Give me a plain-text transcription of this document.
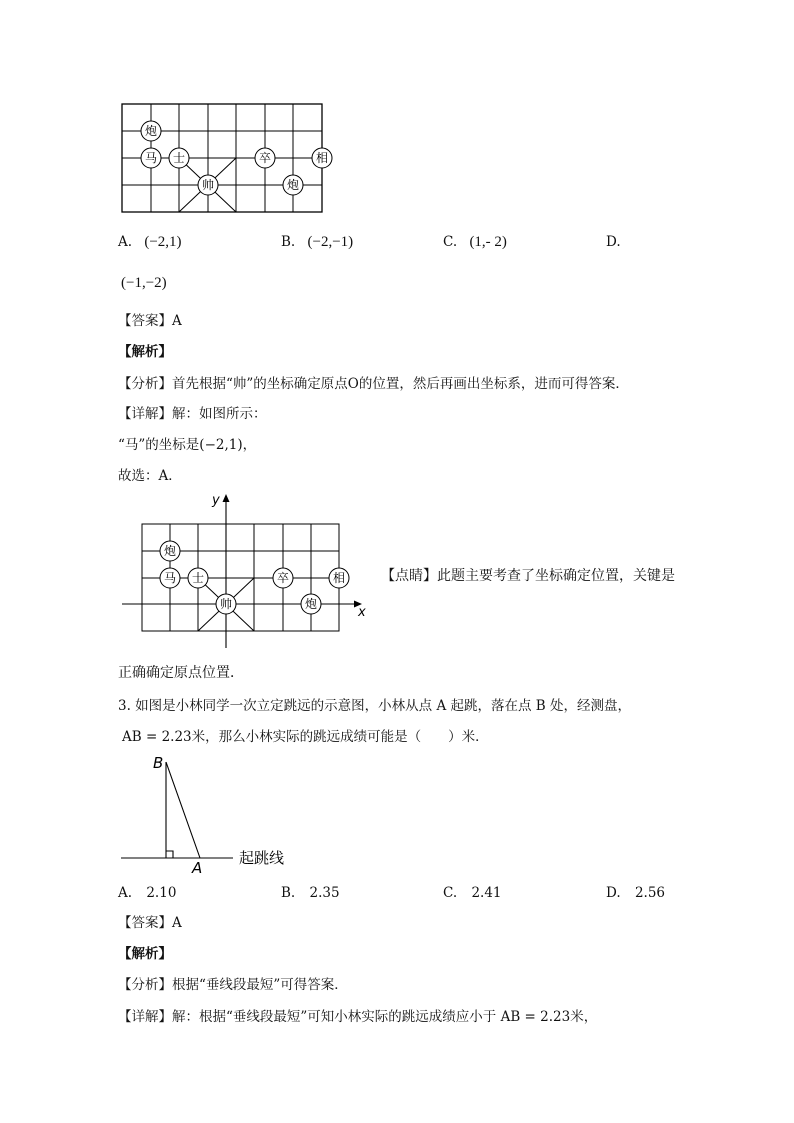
炮
马 士	卒	相
炮
帅
A. (−2,1)	B. (−2,−1)	C. (1,- 2)	D.
(−1,−2)
【答案】A
【解析】
【分析】首先根据“帅”的坐标确定原点O的位置，然后再画出坐标系，进而可得答案．
【详解】解：如图所示：
“马”的坐标是(−2,1)，
故选：A．
x
y
炮
马 士	卒	相
帅	炮
【点睛】此题主要考查了坐标确定位置，关键是
正确确定原点位置．
3. 如图是小林同学一次立定跳远的示意图，小林从点 A 起跳，落在点 B 处，经测盘，
AB = 2.23米，那么小林实际的跳远成绩可能是（　　）米．
B
A
起跳线
A. 2.10	B. 2.35	C. 2.41	D. 2.56
【答案】A
【解析】
【分析】根据“垂线段最短”可得答案．
【详解】解：根据“垂线段最短”可知小林实际的跳远成绩应小于 AB = 2.23米，
